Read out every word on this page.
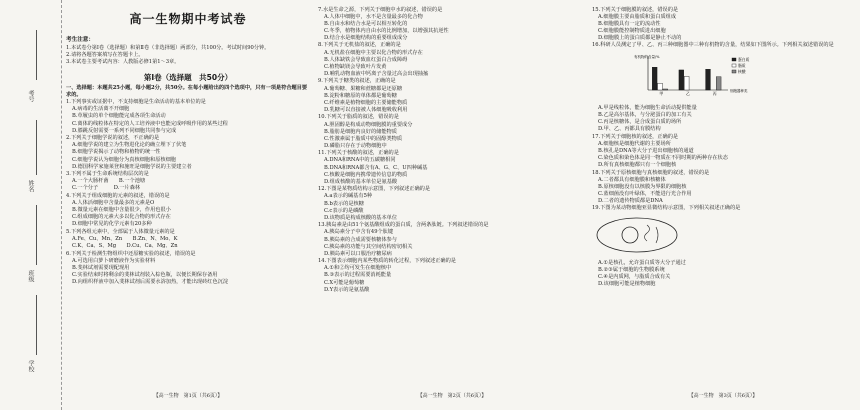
考号
姓名
班级
学校
高一生物期中考试卷
考生注意：
1.本试卷分第Ⅰ卷（选择题）和第Ⅱ卷（非选择题）两部分，共100分。考试时间90分钟。
2.请将各题答案填写在答题卡上。
3.本试卷主要考试内容：人教版必修1第1～3章。
第Ⅰ卷（选择题　共50分）
一、选择题：本题共25小题，每小题2分，共50分。在每小题给出的四个选项中，只有一项是符合题目要求的。
1.下列事实或证据中，不支持细胞是生命活动的基本单位的是
A.病毒的生活离不开细胞
B.草履虫的单个细胞能完成各项生命活动
C.离体的线粒体在特定的人工培养液中也能完成呼吸作用的某些过程
D.膝跳反射需要一系列不同细胞共同参与完成
2.下列关于细胞学说的叙述，不正确的是
A.细胞学说的建立为生物进化论的确立埋下了伏笔
B.细胞学说揭示了动物和植物的统一性
C.细胞学说认为细胞分为真核细胞和原核细胞
D.德国科学家施莱登和施旺是细胞学说的主要建立者
3.下列不属于生命系统结构层次的是
A.一个大肠杆菌　　B.一个池塘
C.一个分子　　　D.一片森林
4.下列关于组成细胞的元素的叙述，错误的是
A.人体活细胞中含量最多的元素是O
B.微量元素在细胞中含量很少，作用也很小
C.组成细胞的元素大多以化合物的形式存在
D.细胞中常见的化学元素有20多种
5.下列各组元素中，全部属于人体微量元素的是
A.Fe、Cu、Mn、Zn　　B.Zn、N、Mo、K
C.K、Ca、S、Mg　　D.Cu、Ca、Mg、Zn
6.下列关于检测生物组织中还原糖实验的叙述，错误的是
A.可选用白萝卜研磨液作为实验材料
B.斐林试剂需要现配现用
C.实验结束时将剩余的斐林试剂装入棕色瓶，以便长期保存备用
D.向组织样液中加入斐林试剂后需要水浴加热，才能出现砖红色沉淀
【高一生物　第1页（共6页）】
7.水是生命之源，下列关于细胞中水的叙述，错误的是
A.人体中细胞中，水不是含量最多的化合物
B.自由水和结合水是可以相互转化的
C.冬季，植物体内自由水的比例增加，以增强其抗逆性
D.结合水是细胞结构的重要组成成分
8.下列关于无机盐的叙述，正确的是
A.无机盐在细胞中主要以化合物的形式存在
B.人体缺铁会导致血红蛋白合成障碍
C.植物缺镁会导致叶片发黄
D.哺乳动物血液中钙离子含量过高会出现抽搐
9.下列关于糖类的叙述，正确的是
A.葡萄糖、果糖和蔗糖都是还原糖
B.淀粉和糖原的单体都是葡萄糖
C.纤维素是植物细胞的主要储能物质
D.乳糖可以直接被人体细胞吸收利用
10.下列关于脂质的叙述，错误的是
A.胆固醇是构成动物细胞膜的重要成分
B.脂肪是细胞内良好的储能物质
C.性激素属于脂质中的固醇类物质
D.磷脂只存在于动物细胞中
11.下列关于核酸的叙述，正确的是
A.DNA和RNA中的五碳糖相同
B.DNA和RNA都含有A、G、C、U四种碱基
C.核酸是细胞内携带遗传信息的物质
D.组成核酸的基本单位是氨基酸
12.下图是某物质结构示意图，下列叙述正确的是
A.a表示的碱基有5种
B.b表示的是核糖
C.c表示的是磷酸
D.该物质是构成核酸的基本单位
13.胰岛素是由51个氨基酸组成的蛋白质，含两条肽链。下列叙述错误的是
A.胰岛素分子中含有49个肽键
B.胰岛素的合成需要核糖体参与
C.胰岛素的功能与其空间结构密切相关
D.胰岛素可以口服治疗糖尿病
14.下图表示细胞内某些物质的转化过程，下列叙述正确的是
A.①和②均可发生在细胞核中
B.③表示的过程需要消耗能量
C.X可能是葡萄糖
D.Y表示的是氨基酸
【高一生物　第2页（共6页）】
15.下列关于细胞膜的叙述，错误的是
A.细胞膜主要由脂质和蛋白质组成
B.细胞膜具有一定的流动性
C.细胞膜能控制物质进出细胞
D.细胞膜上的蛋白质都是静止不动的
16.科研人员测定了甲、乙、丙三种细胞器中三种有机物的含量，结果如下图所示。下列相关叙述错误的是
有机物的含量/%
细胞器种类
甲	乙	丙
蛋白质
脂质
核酸
A.甲是线粒体，能为细胞生命活动提供能量
B.乙是高尔基体，与分泌蛋白的加工有关
C.丙是核糖体，是合成蛋白质的场所
D.甲、乙、丙都具有膜结构
17.下列关于细胞核的叙述，正确的是
A.细胞核是细胞代谢的主要场所
B.核孔是DNA等大分子进出细胞核的通道
C.染色质和染色体是同一物质在不同时期的两种存在状态
D.所有真核细胞都只有一个细胞核
18.下列关于原核细胞与真核细胞的叙述，错误的是
A.二者都具有细胞膜和核糖体
B.原核细胞没有以核膜为界限的细胞核
C.蓝细菌没有叶绿体，不能进行光合作用
D.二者的遗传物质都是DNA
19.下图为某动物细胞亚显微结构示意图，下列相关叙述正确的是
A.①是核孔，允许蛋白质等大分子通过
B.②③属于细胞的生物膜系统
C.④是内质网，与脂质合成有关
D.该细胞可能是植物细胞
【高一生物　第3页（共6页）】
